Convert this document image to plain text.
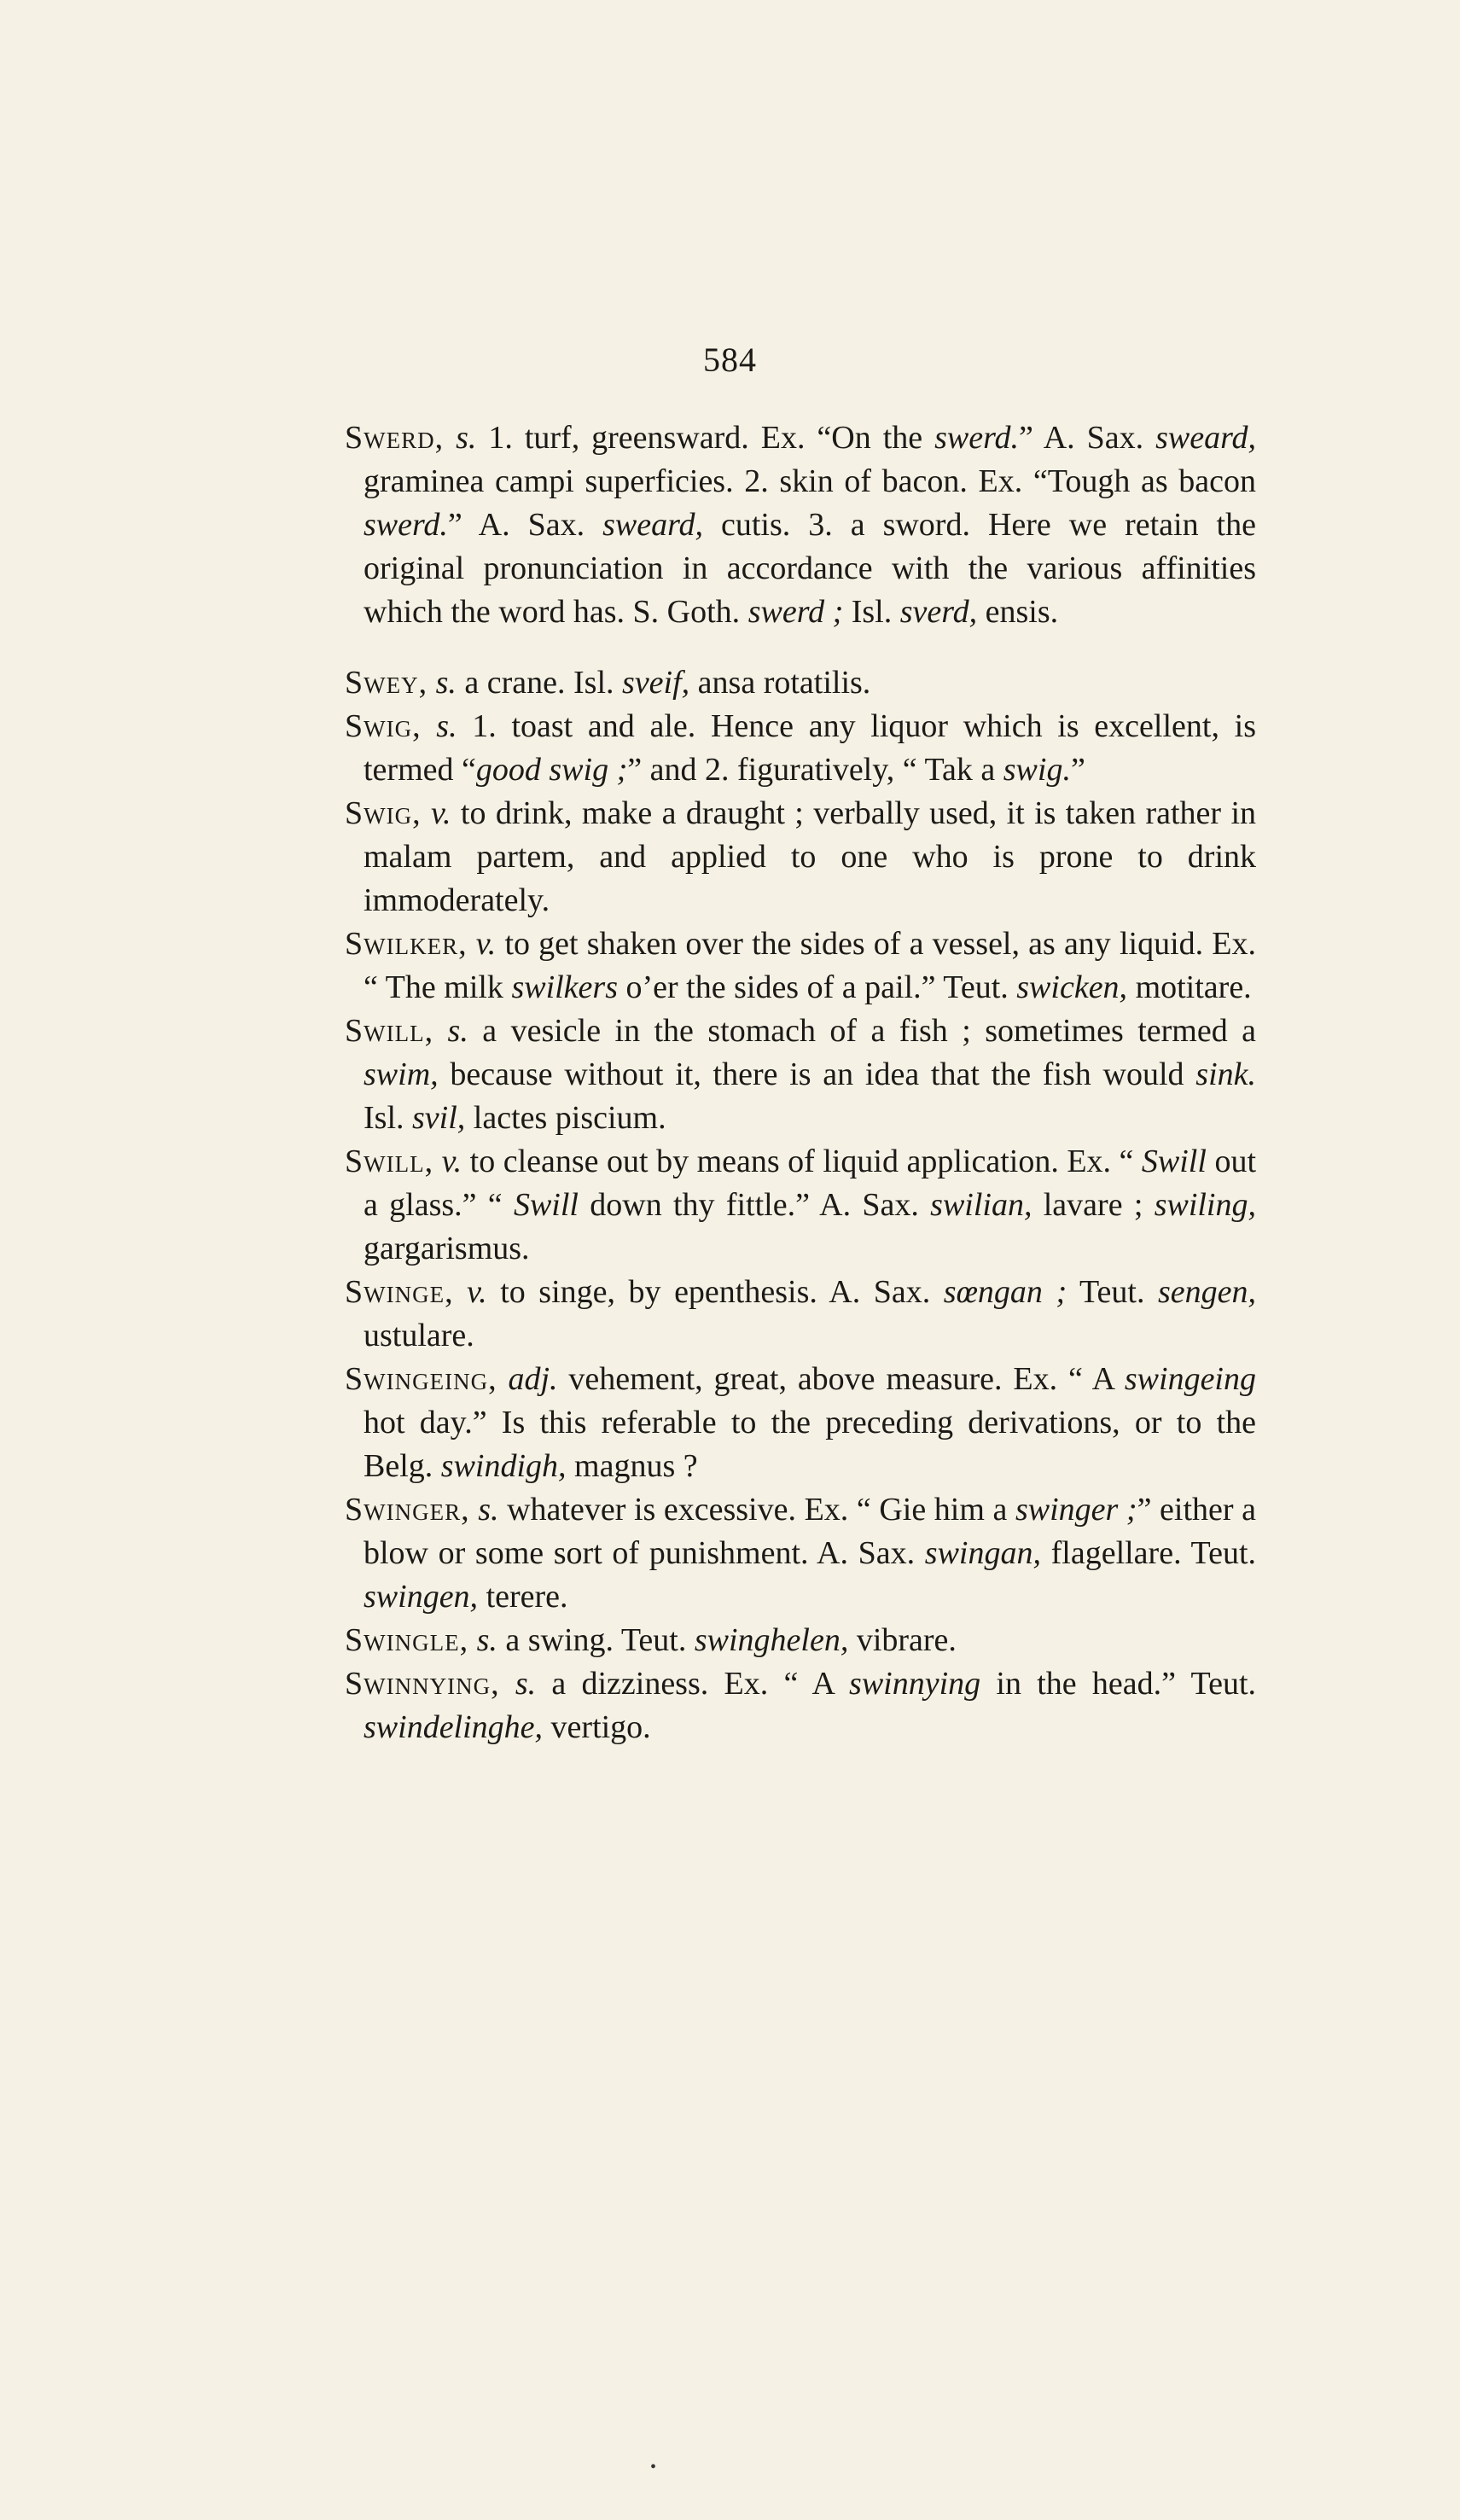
584

Swerd, s. 1. turf, greensward. Ex. “On the swerd.” A. Sax. sweard, graminea campi superficies. 2. skin of bacon. Ex. “Tough as bacon swerd.” A. Sax. sweard, cutis. 3. a sword. Here we retain the original pronunciation in accordance with the various affinities which the word has. S. Goth. swerd ; Isl. sverd, ensis.

Swey, s. a crane. Isl. sveif, ansa rotatilis.

Swig, s. 1. toast and ale. Hence any liquor which is excellent, is termed “good swig ;” and 2. figuratively, “ Tak a swig.”

Swig, v. to drink, make a draught ; verbally used, it is taken rather in malam partem, and applied to one who is prone to drink immoderately.

Swilker, v. to get shaken over the sides of a vessel, as any liquid. Ex. “ The milk swilkers o’er the sides of a pail.” Teut. swicken, motitare.

Swill, s. a vesicle in the stomach of a fish ; sometimes termed a swim, because without it, there is an idea that the fish would sink. Isl. svil, lactes piscium.

Swill, v. to cleanse out by means of liquid application. Ex. “ Swill out a glass.” “ Swill down thy fittle.” A. Sax. swilian, lavare ; swiling, gargarismus.

Swinge, v. to singe, by epenthesis. A. Sax. sœngan ; Teut. sengen, ustulare.

Swingeing, adj. vehement, great, above measure. Ex. “ A swingeing hot day.” Is this referable to the preceding derivations, or to the Belg. swindigh, magnus ?

Swinger, s. whatever is excessive. Ex. “ Gie him a swinger ;” either a blow or some sort of punishment. A. Sax. swingan, flagellare. Teut. swingen, terere.

Swingle, s. a swing. Teut. swinghelen, vibrare.

Swinnying, s. a dizziness. Ex. “ A swinnying in the head.” Teut. swindelinghe, vertigo.

•
